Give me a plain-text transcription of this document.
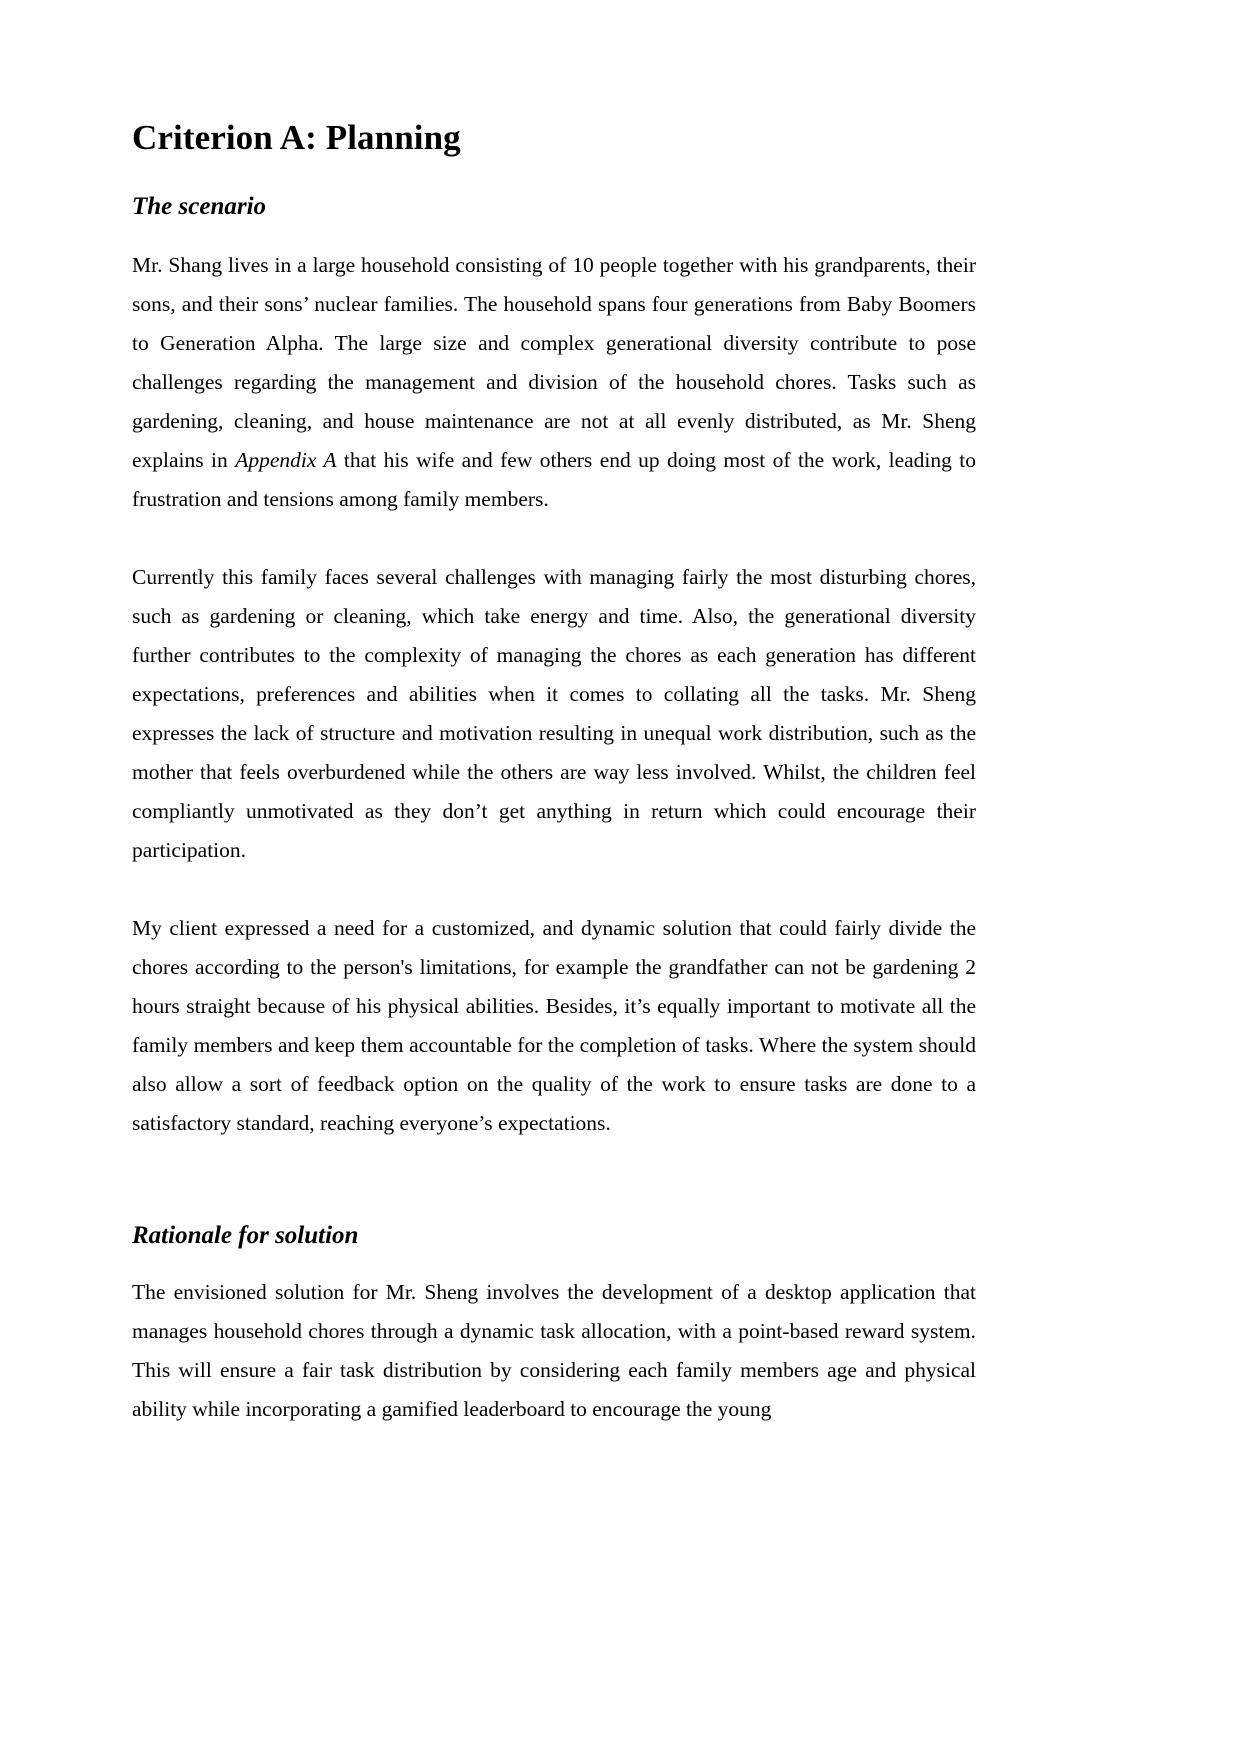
Criterion A: Planning
The scenario

Mr. Shang lives in a large household consisting of 10 people together with his grandparents, their sons, and their sons’ nuclear families. The household spans four generations from Baby Boomers to Generation Alpha. The large size and complex generational diversity contribute to pose challenges regarding the management and division of the household chores. Tasks such as gardening, cleaning, and house maintenance are not at all evenly distributed, as Mr. Sheng explains in Appendix A that his wife and few others end up doing most of the work, leading to frustration and tensions among family members.

Currently this family faces several challenges with managing fairly the most disturbing chores, such as gardening or cleaning, which take energy and time. Also, the generational diversity further contributes to the complexity of managing the chores as each generation has different expectations, preferences and abilities when it comes to collating all the tasks. Mr. Sheng expresses the lack of structure and motivation resulting in unequal work distribution, such as the mother that feels overburdened while the others are way less involved. Whilst, the children feel compliantly unmotivated as they don’t get anything in return which could encourage their participation.

My client expressed a need for a customized, and dynamic solution that could fairly divide the chores according to the person's limitations, for example the grandfather can not be gardening 2 hours straight because of his physical abilities. Besides, it’s equally important to motivate all the family members and keep them accountable for the completion of tasks. Where the system should also allow a sort of feedback option on the quality of the work to ensure tasks are done to a satisfactory standard, reaching everyone’s expectations.

Rationale for solution

The envisioned solution for Mr. Sheng involves the development of a desktop application that manages household chores through a dynamic task allocation, with a point-based reward system. This will ensure a fair task distribution by considering each family members age and physical ability while incorporating a gamified leaderboard to encourage the young
